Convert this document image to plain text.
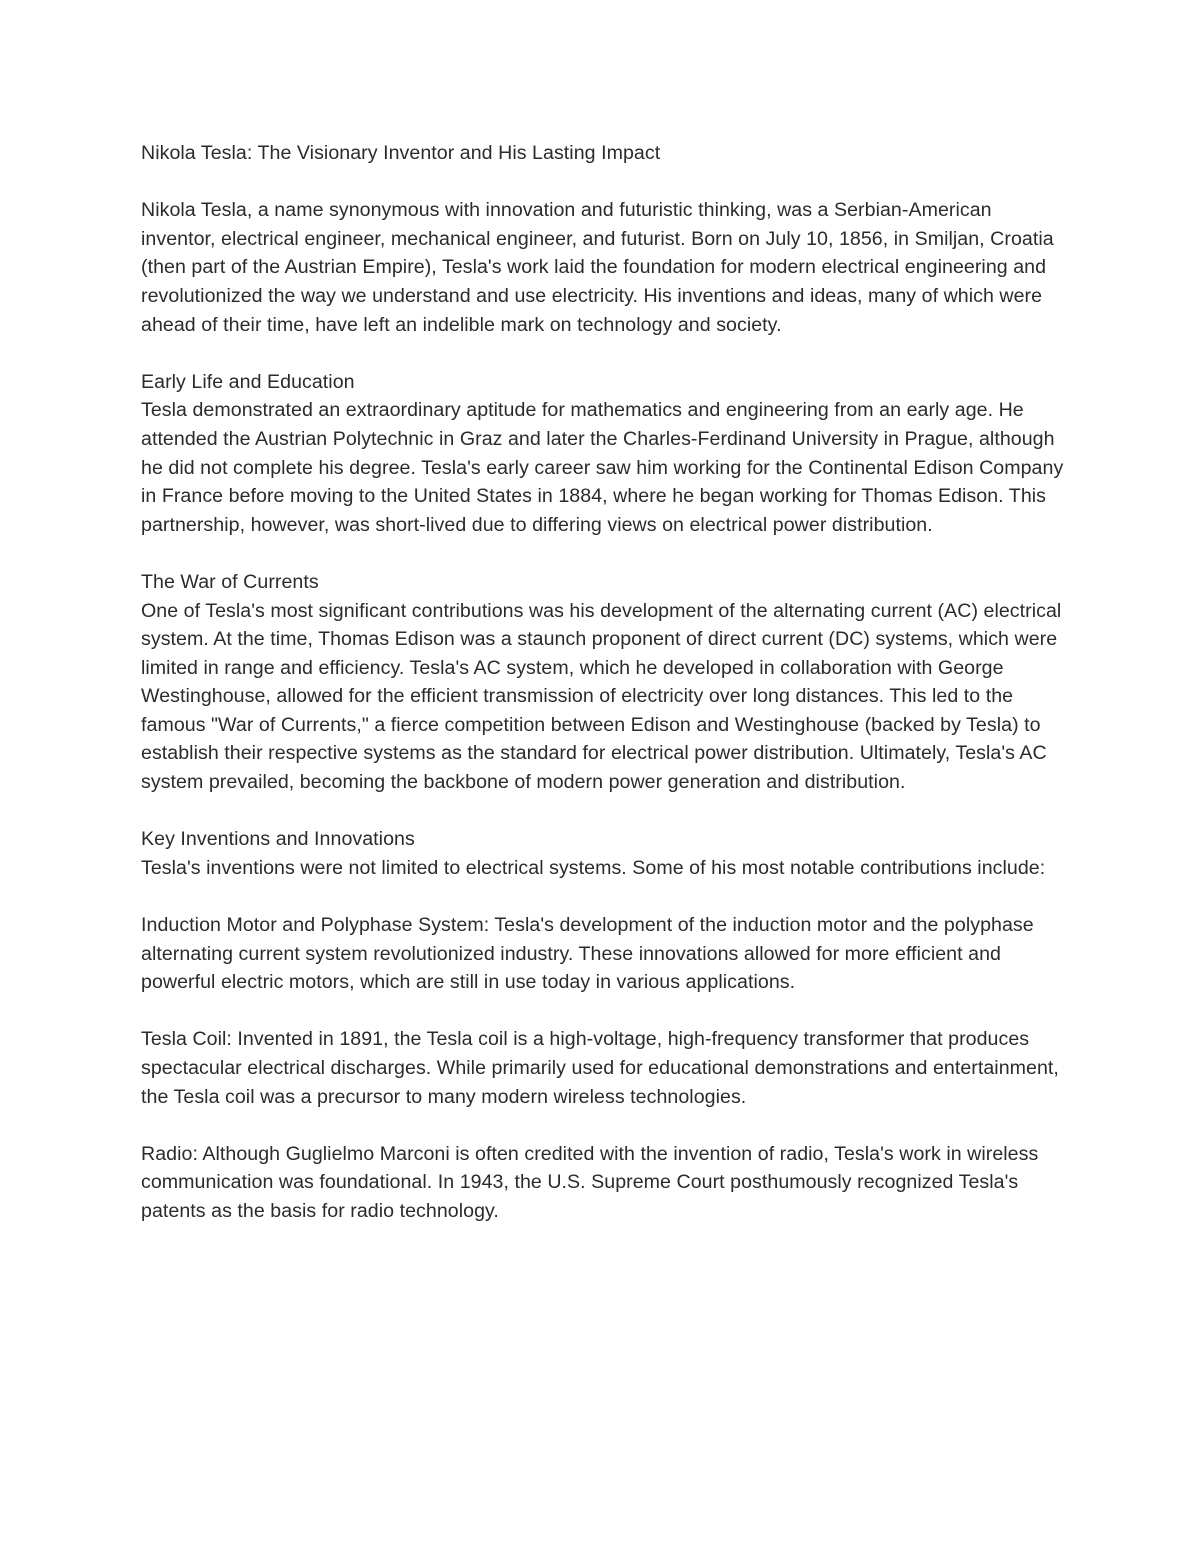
Nikola Tesla: The Visionary Inventor and His Lasting Impact

Nikola Tesla, a name synonymous with innovation and futuristic thinking, was a Serbian-American inventor, electrical engineer, mechanical engineer, and futurist. Born on July 10, 1856, in Smiljan, Croatia (then part of the Austrian Empire), Tesla's work laid the foundation for modern electrical engineering and revolutionized the way we understand and use electricity. His inventions and ideas, many of which were ahead of their time, have left an indelible mark on technology and society.

Early Life and Education

Tesla demonstrated an extraordinary aptitude for mathematics and engineering from an early age. He attended the Austrian Polytechnic in Graz and later the Charles-Ferdinand University in Prague, although he did not complete his degree. Tesla's early career saw him working for the Continental Edison Company in France before moving to the United States in 1884, where he began working for Thomas Edison. This partnership, however, was short-lived due to differing views on electrical power distribution.

The War of Currents

One of Tesla's most significant contributions was his development of the alternating current (AC) electrical system. At the time, Thomas Edison was a staunch proponent of direct current (DC) systems, which were limited in range and efficiency. Tesla's AC system, which he developed in collaboration with George Westinghouse, allowed for the efficient transmission of electricity over long distances. This led to the famous "War of Currents," a fierce competition between Edison and Westinghouse (backed by Tesla) to establish their respective systems as the standard for electrical power distribution. Ultimately, Tesla's AC system prevailed, becoming the backbone of modern power generation and distribution.

Key Inventions and Innovations

Tesla's inventions were not limited to electrical systems. Some of his most notable contributions include:

Induction Motor and Polyphase System: Tesla's development of the induction motor and the polyphase alternating current system revolutionized industry. These innovations allowed for more efficient and powerful electric motors, which are still in use today in various applications.

Tesla Coil: Invented in 1891, the Tesla coil is a high-voltage, high-frequency transformer that produces spectacular electrical discharges. While primarily used for educational demonstrations and entertainment, the Tesla coil was a precursor to many modern wireless technologies.

Radio: Although Guglielmo Marconi is often credited with the invention of radio, Tesla's work in wireless communication was foundational. In 1943, the U.S. Supreme Court posthumously recognized Tesla's patents as the basis for radio technology.
